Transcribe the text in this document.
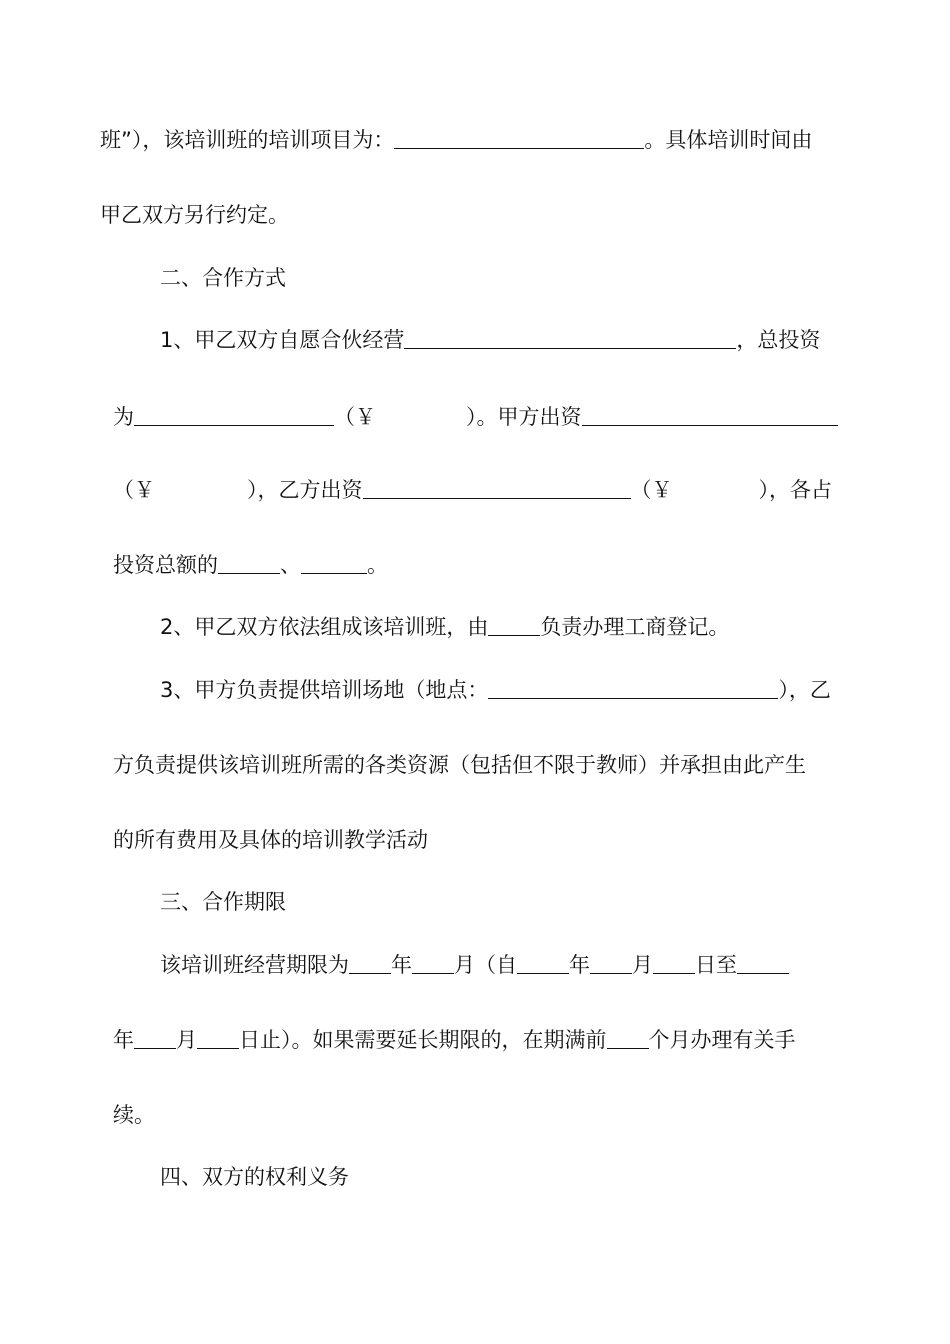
班”），该培训班的培训项目为：	。具体培训时间由
甲乙双方另行约定。
二、合作方式
1、甲乙双方自愿合伙经营	，总投资
为	（￥	）。甲方出资
（￥	），乙方出资	（￥	），各占
投资总额的	、	。
2、甲乙双方依法组成该培训班，由 负责办理工商登记。
3、甲方负责提供培训场地（地点：	），乙
方负责提供该培训班所需的各类资源（包括但不限于教师）并承担由此产生
的所有费用及具体的培训教学活动
三、合作期限
该培训班经营期限为 年 月（自 年 月 日至
年 月 日止）。如果需要延长期限的，在期满前 个月办理有关手
续。
四、双方的权利义务
